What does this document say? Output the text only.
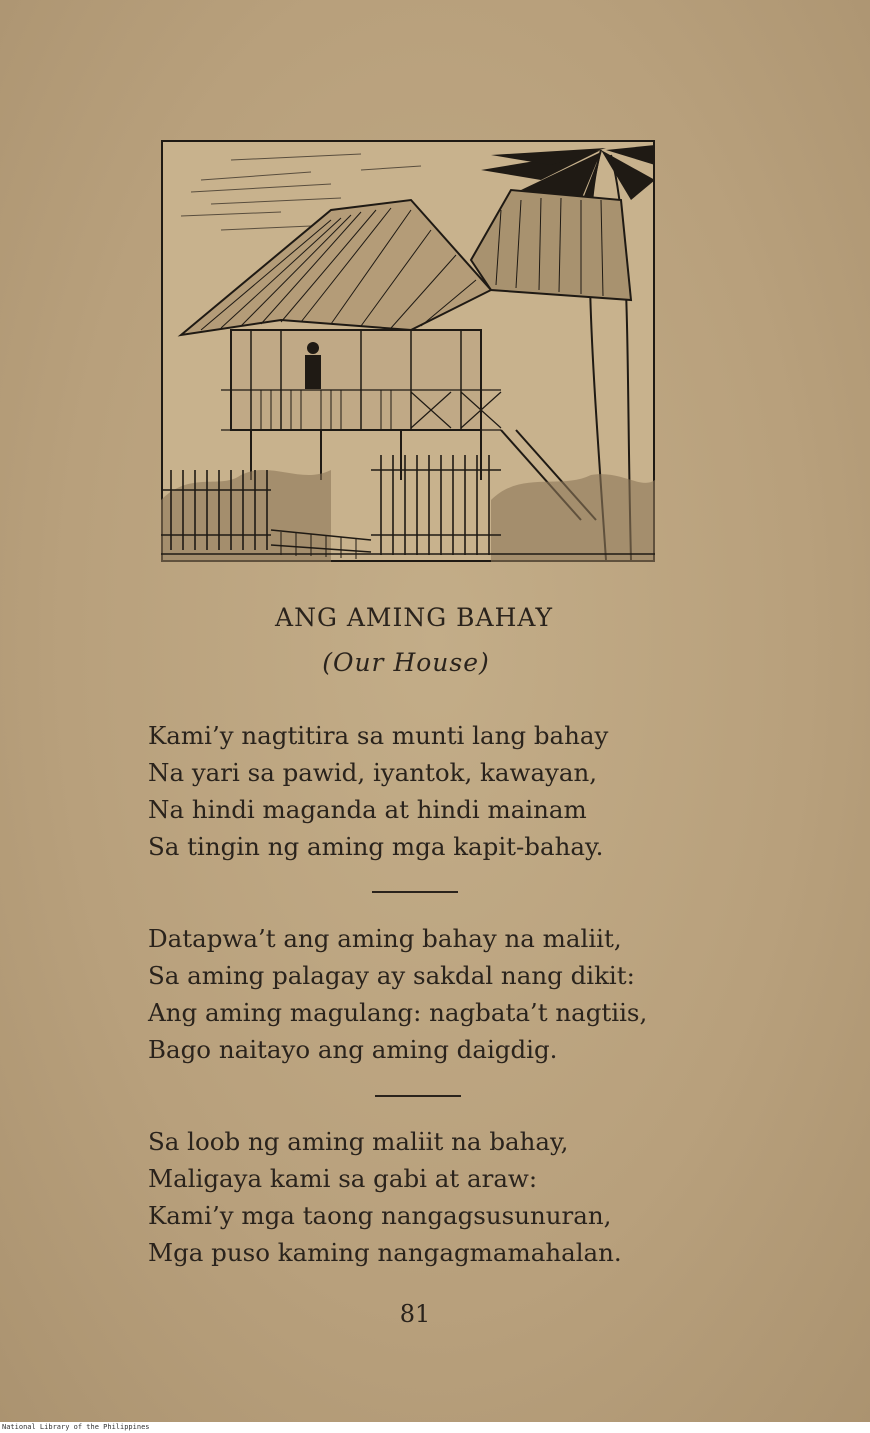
ANG AMING BAHAY
(Our House)
Kami’y nagtitira sa munti lang bahay
Na yari sa pawid, iyantok, kawayan,
Na hindi maganda at hindi mainam
Sa tingin ng aming mga kapit-bahay.
Datapwa’t ang aming bahay na maliit,
Sa aming palagay ay sakdal nang dikit:
Ang aming magulang: nagbata’t nagtiis,
Bago naitayo ang aming daigdig.
Sa loob ng aming maliit na bahay,
Maligaya kami sa gabi at araw:
Kami’y mga taong nangagsusunuran,
Mga puso kaming nangagmamahalan.
81
National Library of the Philippines
